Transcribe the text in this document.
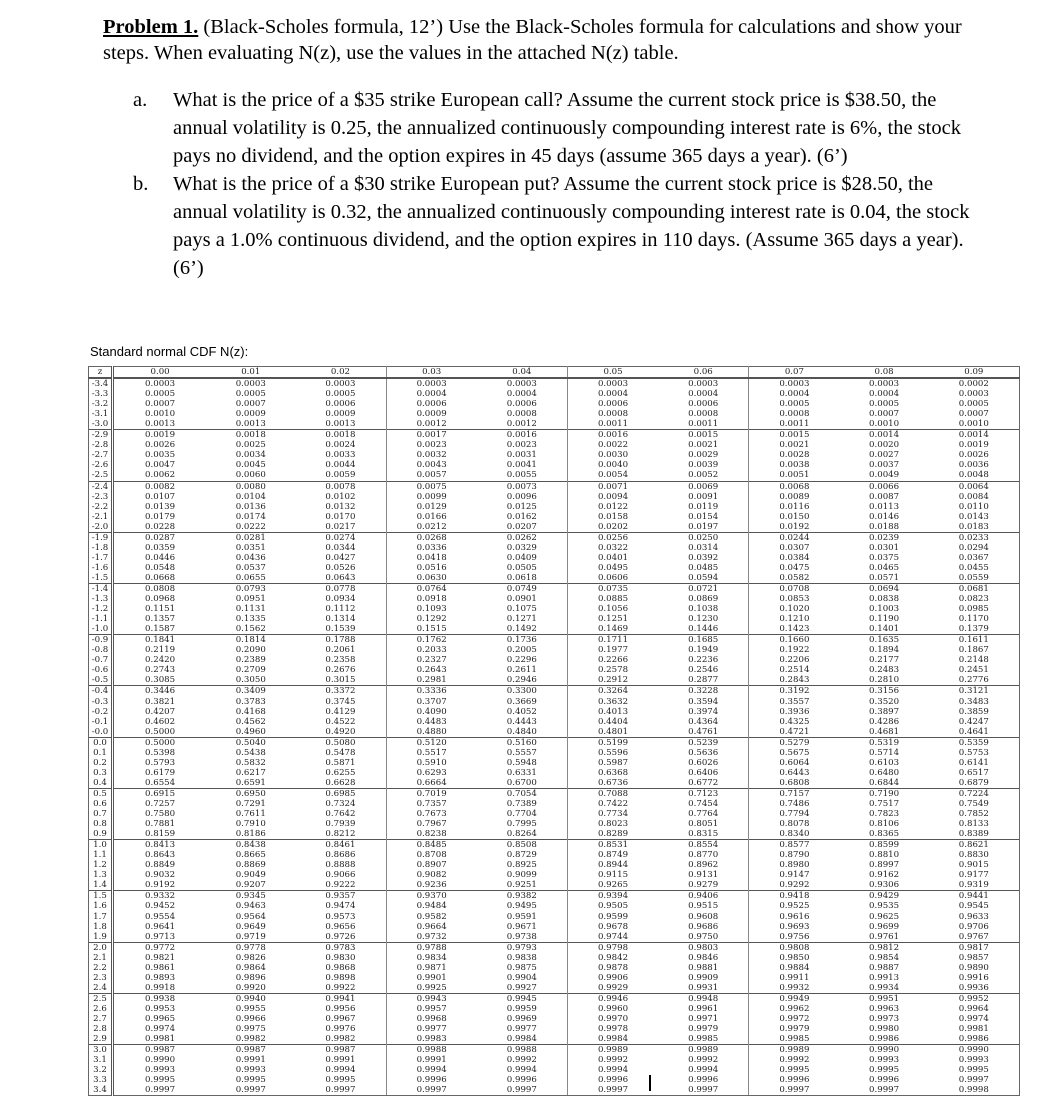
Problem 1. (Black-Scholes formula, 12’) Use the Black-Scholes formula for calculations and show your steps. When evaluating N(z), use the values in the attached N(z) table.
a. What is the price of a $35 strike European call? Assume the current stock price is $38.50, the annual volatility is 0.25, the annualized continuously compounding interest rate is 6%, the stock pays no dividend, and the option expires in 45 days (assume 365 days a year). (6’)
b. What is the price of a $30 strike European put? Assume the current stock price is $28.50, the annual volatility is 0.32, the annualized continuously compounding interest rate is 0.04, the stock pays a 1.0% continuous dividend, and the option expires in 110 days. (Assume 365 days a year). (6’)
Standard normal CDF N(z):
z	0.00	0.01	0.02	0.03	0.04	0.05	0.06	0.07	0.08	0.09
-3.4	0.0003	0.0003	0.0003	0.0003	0.0003	0.0003	0.0003	0.0003	0.0003	0.0002
-3.3	0.0005	0.0005	0.0005	0.0004	0.0004	0.0004	0.0004	0.0004	0.0004	0.0003
-3.2	0.0007	0.0007	0.0006	0.0006	0.0006	0.0006	0.0006	0.0005	0.0005	0.0005
-3.1	0.0010	0.0009	0.0009	0.0009	0.0008	0.0008	0.0008	0.0008	0.0007	0.0007
-3.0	0.0013	0.0013	0.0013	0.0012	0.0012	0.0011	0.0011	0.0011	0.0010	0.0010
-2.9	0.0019	0.0018	0.0018	0.0017	0.0016	0.0016	0.0015	0.0015	0.0014	0.0014
-2.8	0.0026	0.0025	0.0024	0.0023	0.0023	0.0022	0.0021	0.0021	0.0020	0.0019
-2.7	0.0035	0.0034	0.0033	0.0032	0.0031	0.0030	0.0029	0.0028	0.0027	0.0026
-2.6	0.0047	0.0045	0.0044	0.0043	0.0041	0.0040	0.0039	0.0038	0.0037	0.0036
-2.5	0.0062	0.0060	0.0059	0.0057	0.0055	0.0054	0.0052	0.0051	0.0049	0.0048
-2.4	0.0082	0.0080	0.0078	0.0075	0.0073	0.0071	0.0069	0.0068	0.0066	0.0064
-2.3	0.0107	0.0104	0.0102	0.0099	0.0096	0.0094	0.0091	0.0089	0.0087	0.0084
-2.2	0.0139	0.0136	0.0132	0.0129	0.0125	0.0122	0.0119	0.0116	0.0113	0.0110
-2.1	0.0179	0.0174	0.0170	0.0166	0.0162	0.0158	0.0154	0.0150	0.0146	0.0143
-2.0	0.0228	0.0222	0.0217	0.0212	0.0207	0.0202	0.0197	0.0192	0.0188	0.0183
-1.9	0.0287	0.0281	0.0274	0.0268	0.0262	0.0256	0.0250	0.0244	0.0239	0.0233
-1.8	0.0359	0.0351	0.0344	0.0336	0.0329	0.0322	0.0314	0.0307	0.0301	0.0294
-1.7	0.0446	0.0436	0.0427	0.0418	0.0409	0.0401	0.0392	0.0384	0.0375	0.0367
-1.6	0.0548	0.0537	0.0526	0.0516	0.0505	0.0495	0.0485	0.0475	0.0465	0.0455
-1.5	0.0668	0.0655	0.0643	0.0630	0.0618	0.0606	0.0594	0.0582	0.0571	0.0559
-1.4	0.0808	0.0793	0.0778	0.0764	0.0749	0.0735	0.0721	0.0708	0.0694	0.0681
-1.3	0.0968	0.0951	0.0934	0.0918	0.0901	0.0885	0.0869	0.0853	0.0838	0.0823
-1.2	0.1151	0.1131	0.1112	0.1093	0.1075	0.1056	0.1038	0.1020	0.1003	0.0985
-1.1	0.1357	0.1335	0.1314	0.1292	0.1271	0.1251	0.1230	0.1210	0.1190	0.1170
-1.0	0.1587	0.1562	0.1539	0.1515	0.1492	0.1469	0.1446	0.1423	0.1401	0.1379
-0.9	0.1841	0.1814	0.1788	0.1762	0.1736	0.1711	0.1685	0.1660	0.1635	0.1611
-0.8	0.2119	0.2090	0.2061	0.2033	0.2005	0.1977	0.1949	0.1922	0.1894	0.1867
-0.7	0.2420	0.2389	0.2358	0.2327	0.2296	0.2266	0.2236	0.2206	0.2177	0.2148
-0.6	0.2743	0.2709	0.2676	0.2643	0.2611	0.2578	0.2546	0.2514	0.2483	0.2451
-0.5	0.3085	0.3050	0.3015	0.2981	0.2946	0.2912	0.2877	0.2843	0.2810	0.2776
-0.4	0.3446	0.3409	0.3372	0.3336	0.3300	0.3264	0.3228	0.3192	0.3156	0.3121
-0.3	0.3821	0.3783	0.3745	0.3707	0.3669	0.3632	0.3594	0.3557	0.3520	0.3483
-0.2	0.4207	0.4168	0.4129	0.4090	0.4052	0.4013	0.3974	0.3936	0.3897	0.3859
-0.1	0.4602	0.4562	0.4522	0.4483	0.4443	0.4404	0.4364	0.4325	0.4286	0.4247
-0.0	0.5000	0.4960	0.4920	0.4880	0.4840	0.4801	0.4761	0.4721	0.4681	0.4641
0.0	0.5000	0.5040	0.5080	0.5120	0.5160	0.5199	0.5239	0.5279	0.5319	0.5359
0.1	0.5398	0.5438	0.5478	0.5517	0.5557	0.5596	0.5636	0.5675	0.5714	0.5753
0.2	0.5793	0.5832	0.5871	0.5910	0.5948	0.5987	0.6026	0.6064	0.6103	0.6141
0.3	0.6179	0.6217	0.6255	0.6293	0.6331	0.6368	0.6406	0.6443	0.6480	0.6517
0.4	0.6554	0.6591	0.6628	0.6664	0.6700	0.6736	0.6772	0.6808	0.6844	0.6879
0.5	0.6915	0.6950	0.6985	0.7019	0.7054	0.7088	0.7123	0.7157	0.7190	0.7224
0.6	0.7257	0.7291	0.7324	0.7357	0.7389	0.7422	0.7454	0.7486	0.7517	0.7549
0.7	0.7580	0.7611	0.7642	0.7673	0.7704	0.7734	0.7764	0.7794	0.7823	0.7852
0.8	0.7881	0.7910	0.7939	0.7967	0.7995	0.8023	0.8051	0.8078	0.8106	0.8133
0.9	0.8159	0.8186	0.8212	0.8238	0.8264	0.8289	0.8315	0.8340	0.8365	0.8389
1.0	0.8413	0.8438	0.8461	0.8485	0.8508	0.8531	0.8554	0.8577	0.8599	0.8621
1.1	0.8643	0.8665	0.8686	0.8708	0.8729	0.8749	0.8770	0.8790	0.8810	0.8830
1.2	0.8849	0.8869	0.8888	0.8907	0.8925	0.8944	0.8962	0.8980	0.8997	0.9015
1.3	0.9032	0.9049	0.9066	0.9082	0.9099	0.9115	0.9131	0.9147	0.9162	0.9177
1.4	0.9192	0.9207	0.9222	0.9236	0.9251	0.9265	0.9279	0.9292	0.9306	0.9319
1.5	0.9332	0.9345	0.9357	0.9370	0.9382	0.9394	0.9406	0.9418	0.9429	0.9441
1.6	0.9452	0.9463	0.9474	0.9484	0.9495	0.9505	0.9515	0.9525	0.9535	0.9545
1.7	0.9554	0.9564	0.9573	0.9582	0.9591	0.9599	0.9608	0.9616	0.9625	0.9633
1.8	0.9641	0.9649	0.9656	0.9664	0.9671	0.9678	0.9686	0.9693	0.9699	0.9706
1.9	0.9713	0.9719	0.9726	0.9732	0.9738	0.9744	0.9750	0.9756	0.9761	0.9767
2.0	0.9772	0.9778	0.9783	0.9788	0.9793	0.9798	0.9803	0.9808	0.9812	0.9817
2.1	0.9821	0.9826	0.9830	0.9834	0.9838	0.9842	0.9846	0.9850	0.9854	0.9857
2.2	0.9861	0.9864	0.9868	0.9871	0.9875	0.9878	0.9881	0.9884	0.9887	0.9890
2.3	0.9893	0.9896	0.9898	0.9901	0.9904	0.9906	0.9909	0.9911	0.9913	0.9916
2.4	0.9918	0.9920	0.9922	0.9925	0.9927	0.9929	0.9931	0.9932	0.9934	0.9936
2.5	0.9938	0.9940	0.9941	0.9943	0.9945	0.9946	0.9948	0.9949	0.9951	0.9952
2.6	0.9953	0.9955	0.9956	0.9957	0.9959	0.9960	0.9961	0.9962	0.9963	0.9964
2.7	0.9965	0.9966	0.9967	0.9968	0.9969	0.9970	0.9971	0.9972	0.9973	0.9974
2.8	0.9974	0.9975	0.9976	0.9977	0.9977	0.9978	0.9979	0.9979	0.9980	0.9981
2.9	0.9981	0.9982	0.9982	0.9983	0.9984	0.9984	0.9985	0.9985	0.9986	0.9986
3.0	0.9987	0.9987	0.9987	0.9988	0.9988	0.9989	0.9989	0.9989	0.9990	0.9990
3.1	0.9990	0.9991	0.9991	0.9991	0.9992	0.9992	0.9992	0.9992	0.9993	0.9993
3.2	0.9993	0.9993	0.9994	0.9994	0.9994	0.9994	0.9994	0.9995	0.9995	0.9995
3.3	0.9995	0.9995	0.9995	0.9996	0.9996	0.9996	0.9996	0.9996	0.9996	0.9997
3.4	0.9997	0.9997	0.9997	0.9997	0.9997	0.9997	0.9997	0.9997	0.9997	0.9998
